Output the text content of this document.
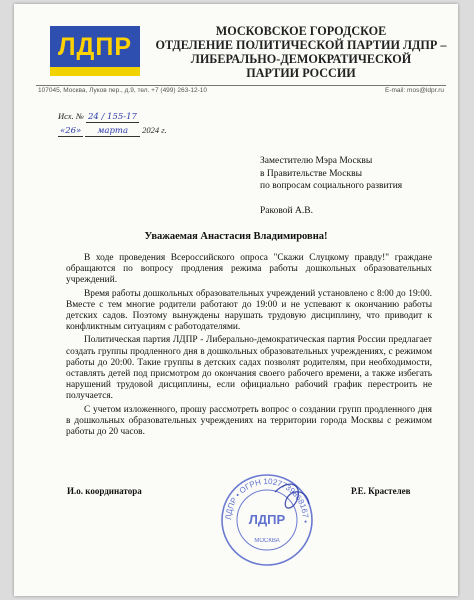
ЛДПР
МОСКОВСКОЕ ГОРОДСКОЕ
ОТДЕЛЕНИЕ ПОЛИТИЧЕСКОЙ ПАРТИИ ЛДПР –
ЛИБЕРАЛЬНО-ДЕМОКРАТИЧЕСКОЙ
ПАРТИИ РОССИИ
107045, Москва, Луков пер., д.9, тел. +7 (499) 263-12-10	E-mail: mos@ldpr.ru
Исх. № 24 / 155-17
«26» марта 2024 г.
Заместителю Мэра Москвы
в Правительстве Москвы
по вопросам социального развития
Раковой А.В.
Уважаемая Анастасия Владимировна!

В ходе проведения Всероссийского опроса "Скажи Слуцкому правду!" граждане обращаются по вопросу продления режима работы дошкольных образовательных учреждений.

Время работы дошкольных образовательных учреждений установлено с 8:00 до 19:00. Вместе с тем многие родители работают до 19:00 и не успевают к окончанию работы детских садов. Поэтому вынуждены нарушать трудовую дисциплину, что приводит к конфликтным ситуациям с работодателями.

Политическая партия ЛДПР - Либерально-демократическая партия России предлагает создать группы продленного дня в дошкольных образовательных учреждениях, с режимом работы до 20:00. Такие группы в детских садах позволят родителям, при необходимости, оставлять детей под присмотром до окончания своего рабочего времени, а также избегать нарушений трудовой дисциплины, если официально рабочий график перестроить не получается.

С учетом изложенного, прошу рассмотреть вопрос о создании групп продленного дня в дошкольных образовательных учреждениях на территории города Москвы с режимом работы до 20 часов.

И.о. координатора	Р.Е. Крастелев
ЛДПР • ОГРН 1027739868167 •
ЛДПР
МОСКВА
